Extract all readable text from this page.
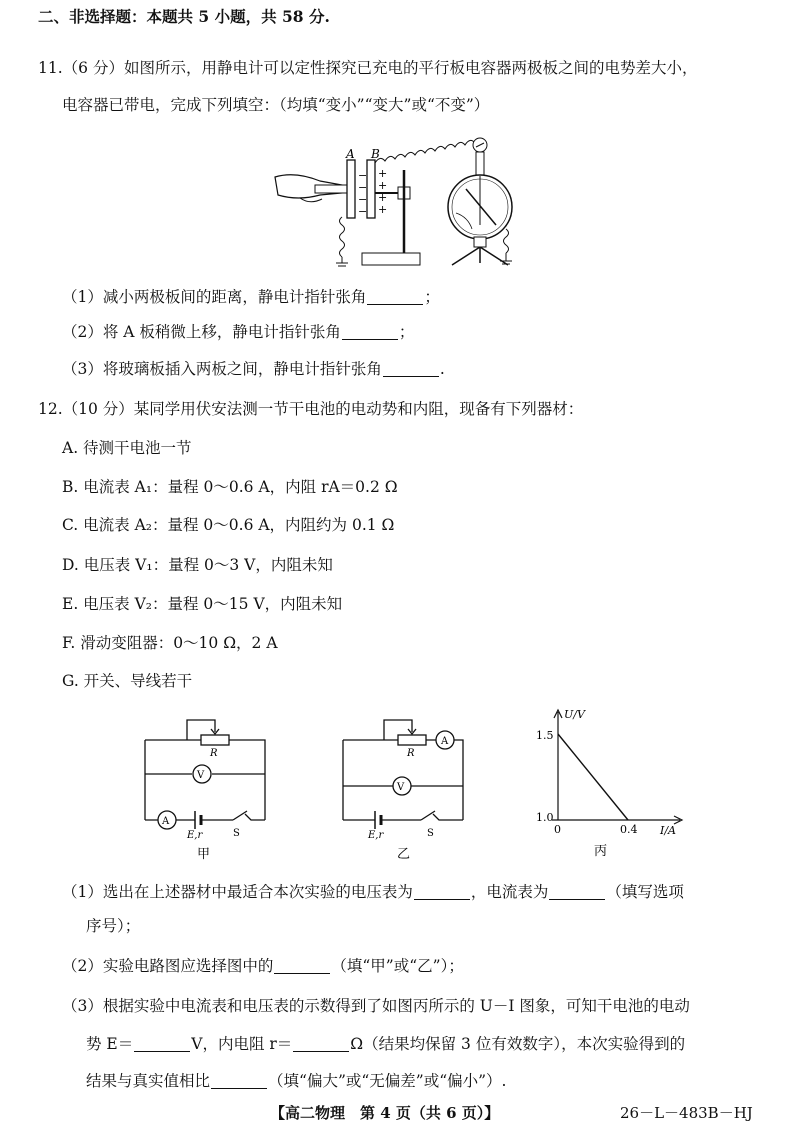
二、非选择题：本题共 5 小题，共 58 分.
11.（6 分）如图所示，用静电计可以定性探究已充电的平行板电容器两极板之间的电势差大小，
电容器已带电，完成下列填空：（均填“变小”“变大”或“不变”）
A B
−
−
−
−
+
+
+
+
（1）减小两极板间的距离，静电计指针张角	；
（2）将 A 板稍微上移，静电计指针张角	；
（3）将玻璃板插入两板之间，静电计指针张角	.
12.（10 分）某同学用伏安法测一节干电池的电动势和内阻，现备有下列器材：
A. 待测干电池一节
B. 电流表 A₁：量程 0～0.6 A，内阻 rA＝0.2 Ω
C. 电流表 A₂：量程 0～0.6 A，内阻约为 0.1 Ω
D. 电压表 V₁：量程 0～3 V，内阻未知
E. 电压表 V₂：量程 0～15 V，内阻未知
F. 滑动变阻器：0～10 Ω，2 A
G. 开关、导线若干
R
V
A
E,r	S
甲
R
A
V
E,r	S
乙
U/V
I/A
1.5
1.0
0	0.4
丙
（1）选出在上述器材中最适合本次实验的电压表为	，电流表为	（填写选项
序号）；
（2）实验电路图应选择图中的	（填“甲”或“乙”）；
（3）根据实验中电流表和电压表的示数得到了如图丙所示的 U－I 图象，可知干电池的电动
势 E＝	V，内电阻 r＝	Ω（结果均保留 3 位有效数字），本次实验得到的
结果与真实值相比	（填“偏大”或“无偏差”或“偏小”）.
【高二物理　第 4 页（共 6 页）】	26－L－483B－HJ
